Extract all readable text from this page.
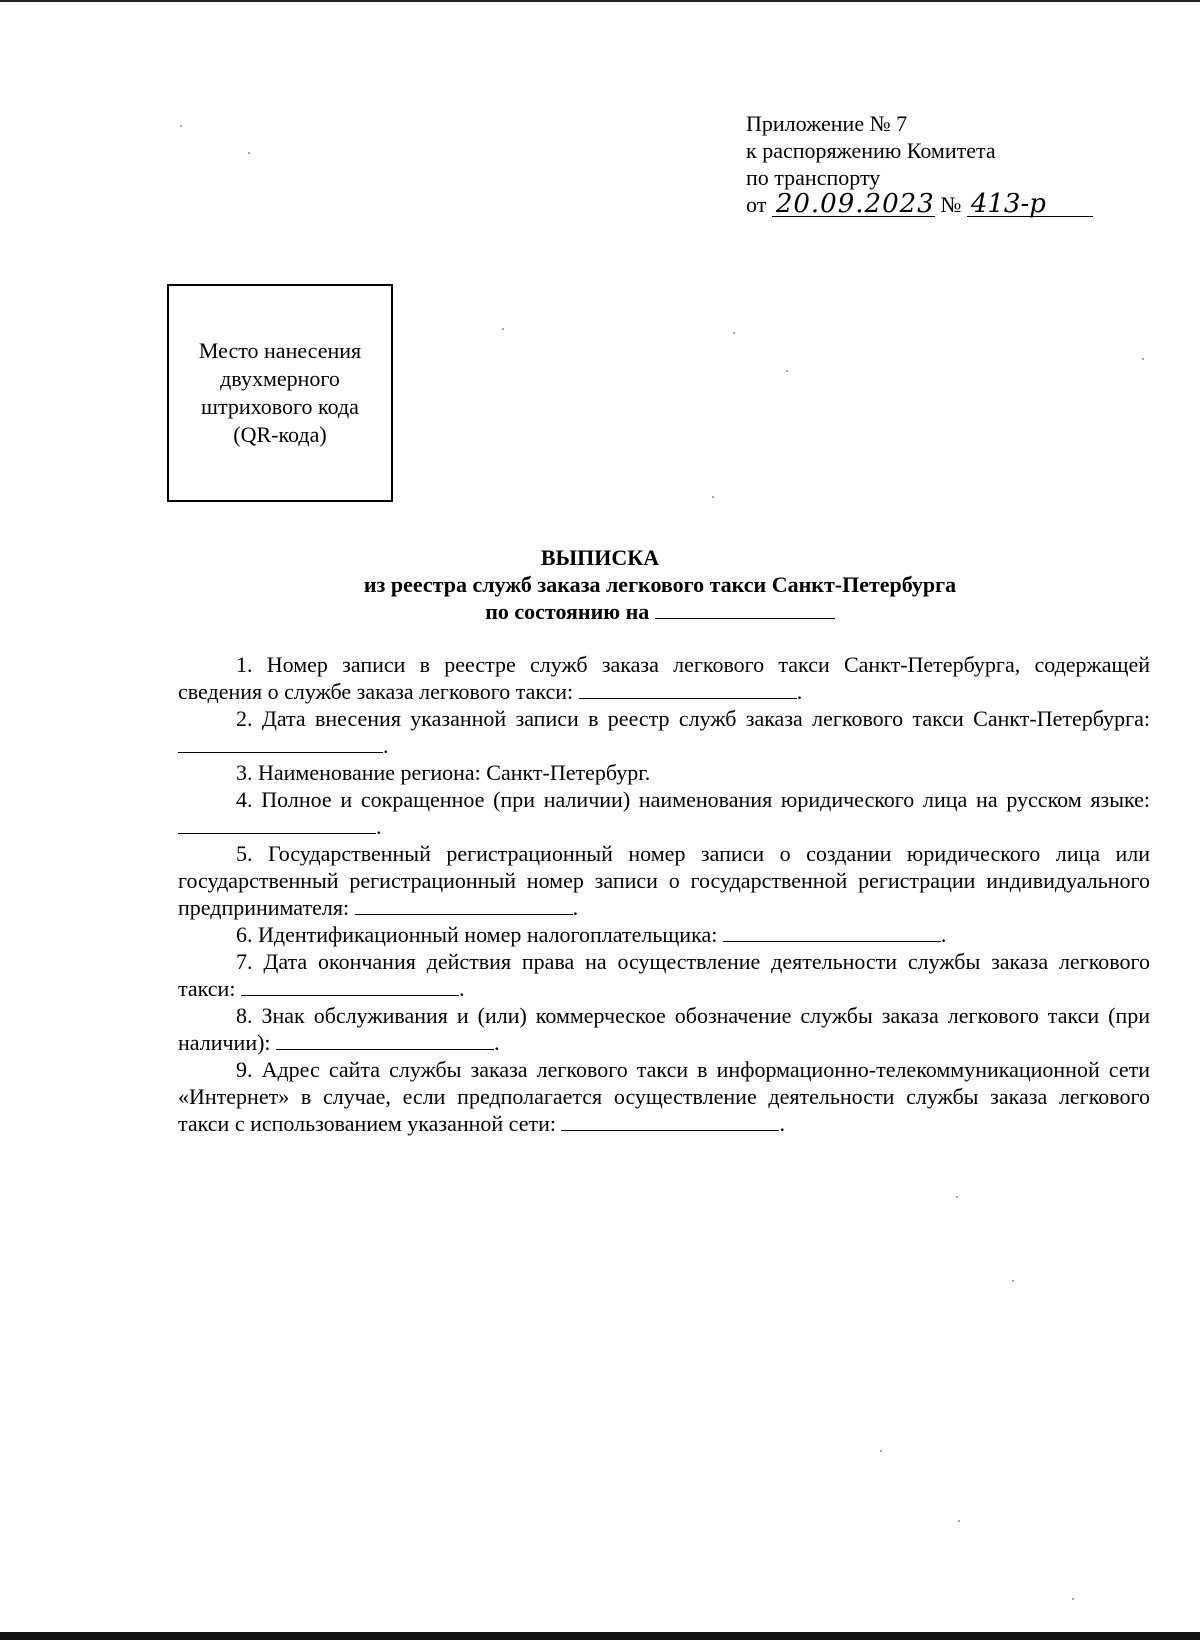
Приложение № 7
к распоряжению Комитета
по транспорту
от 20.09.2023 № 413-р
Место нанесения
двухмерного
штрихового кода
(QR-кода)
ВЫПИСКА
из реестра служб заказа легкового такси Санкт-Петербурга
по состоянию на

1. Номер записи в реестре служб заказа легкового такси Санкт-Петербурга, содержащей сведения о службе заказа легкового такси:	.

2. Дата внесения указанной записи в реестр служб заказа легкового такси Санкт-Петербурга: .

3. Наименование региона: Санкт-Петербург.

4. Полное и сокращенное (при наличии) наименования юридического лица на русском языке: .

5. Государственный регистрационный номер записи о создании юридического лица или государственный регистрационный номер записи о государственной регистрации индивидуального предпринимателя:	.

6. Идентификационный номер налогоплательщика:	.

7. Дата окончания действия права на осуществление деятельности службы заказа легкового такси:	.

8. Знак обслуживания и (или) коммерческое обозначение службы заказа легкового такси (при наличии):	.

9. Адрес сайта службы заказа легкового такси в информационно-телекоммуникационной сети «Интернет» в случае, если предполагается осуществление деятельности службы заказа легкового такси с использованием указанной сети:	.
